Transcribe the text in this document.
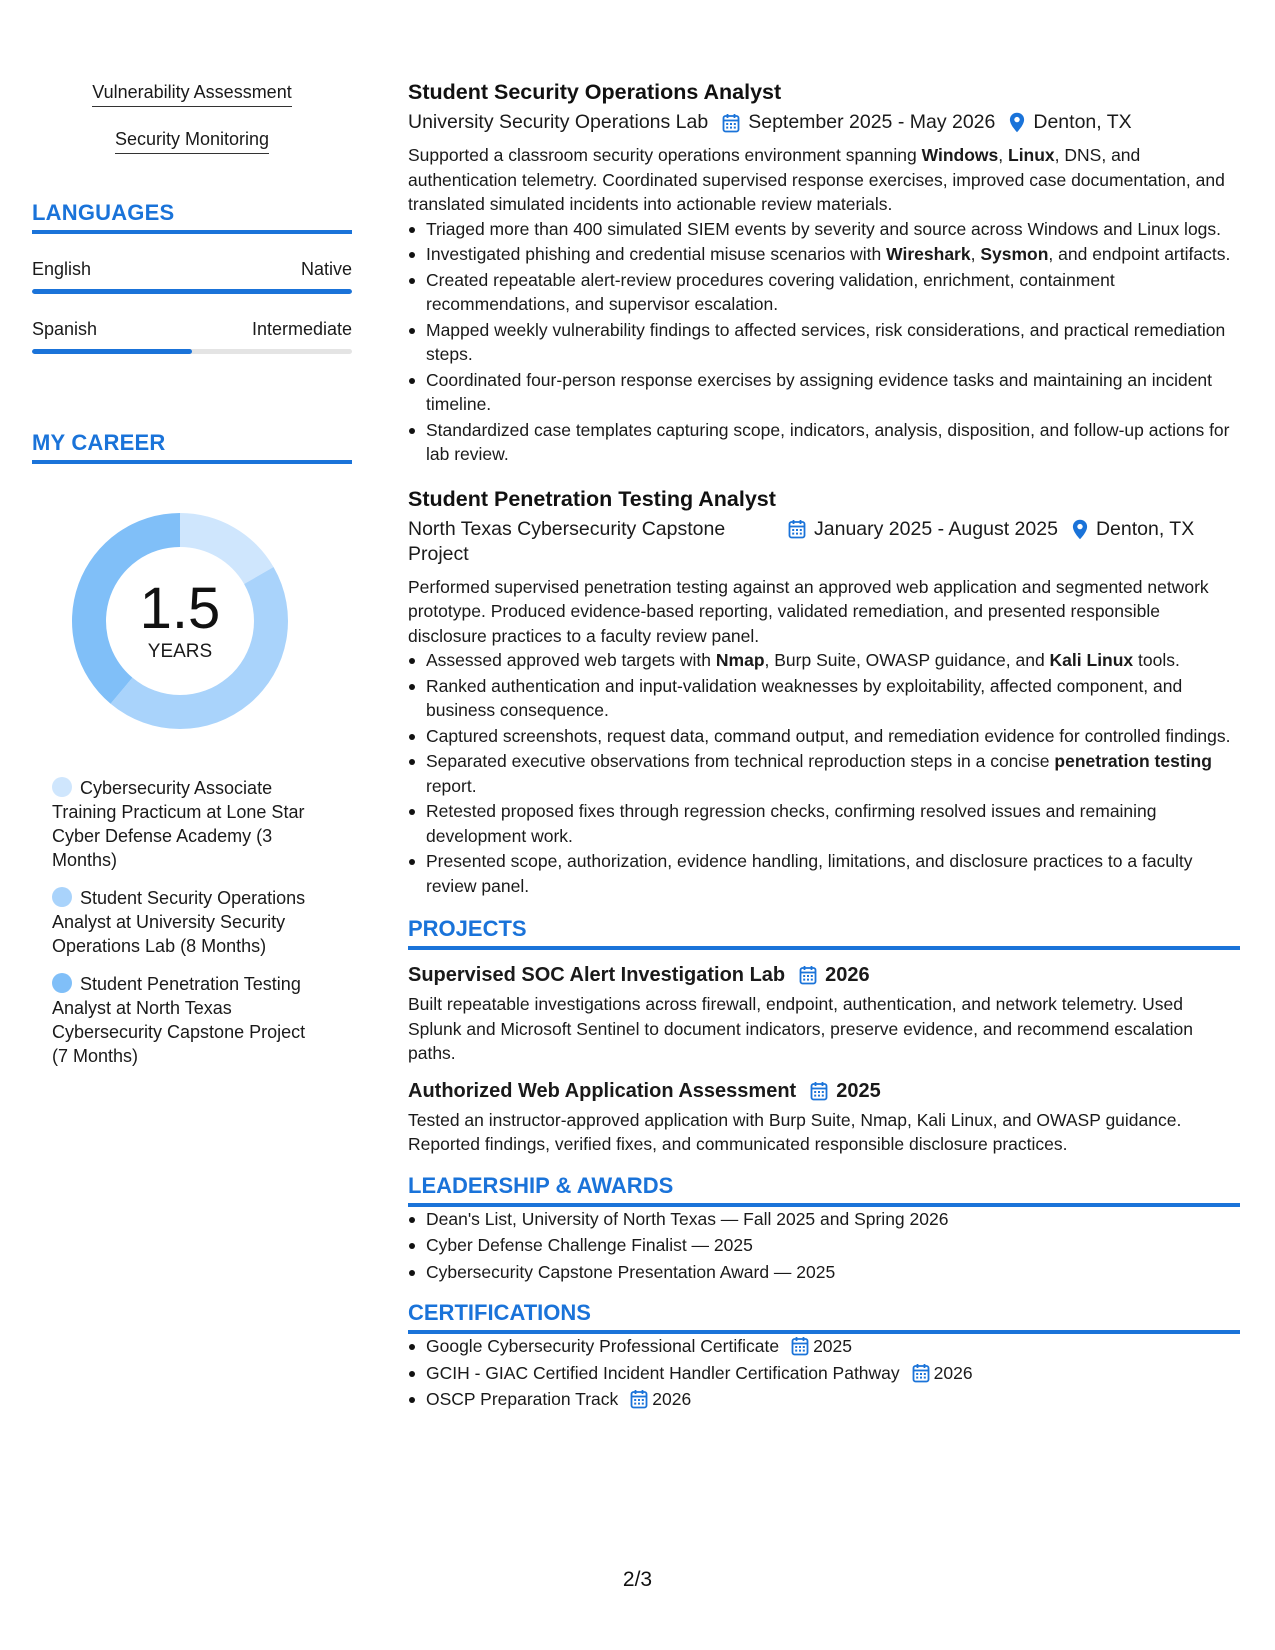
Vulnerability Assessment
Security Monitoring
LANGUAGES
English	Native
Spanish	Intermediate
MY CAREER
1.5
YEARS
Cybersecurity Associate Training Practicum at Lone Star Cyber Defense Academy (3 Months)
Student Security Operations Analyst at University Security Operations Lab (8 Months)
Student Penetration Testing Analyst at North Texas Cybersecurity Capstone Project (7 Months)
Student Security Operations Analyst
University Security Operations Lab September 2025 - May 2026 Denton, TX

Supported a classroom security operations environment spanning Windows, Linux, DNS, and authentication telemetry. Coordinated supervised response exercises, improved case documentation, and translated simulated incidents into actionable review materials.

Triaged more than 400 simulated SIEM events by severity and source across Windows and Linux logs.
Investigated phishing and credential misuse scenarios with Wireshark, Sysmon, and endpoint artifacts.
Created repeatable alert-review procedures covering validation, enrichment, containment recommendations, and supervisor escalation.
Mapped weekly vulnerability findings to affected services, risk considerations, and practical remediation steps.
Coordinated four-person response exercises by assigning evidence tasks and maintaining an incident timeline.
Standardized case templates capturing scope, indicators, analysis, disposition, and follow-up actions for lab review.
Student Penetration Testing Analyst
North Texas Cybersecurity Capstone Project
January 2025 - August 2025 Denton, TX

Performed supervised penetration testing against an approved web application and segmented network prototype. Produced evidence-based reporting, validated remediation, and presented responsible disclosure practices to a faculty review panel.

Assessed approved web targets with Nmap, Burp Suite, OWASP guidance, and Kali Linux tools.
Ranked authentication and input-validation weaknesses by exploitability, affected component, and business consequence.
Captured screenshots, request data, command output, and remediation evidence for controlled findings.
Separated executive observations from technical reproduction steps in a concise penetration testing report.
Retested proposed fixes through regression checks, confirming resolved issues and remaining development work.
Presented scope, authorization, evidence handling, limitations, and disclosure practices to a faculty review panel.
PROJECTS
Supervised SOC Alert Investigation Lab 2026

Built repeatable investigations across firewall, endpoint, authentication, and network telemetry. Used Splunk and Microsoft Sentinel to document indicators, preserve evidence, and recommend escalation paths.

Authorized Web Application Assessment 2025

Tested an instructor-approved application with Burp Suite, Nmap, Kali Linux, and OWASP guidance. Reported findings, verified fixes, and communicated responsible disclosure practices.

LEADERSHIP & AWARDS
Dean's List, University of North Texas — Fall 2025 and Spring 2026
Cyber Defense Challenge Finalist — 2025
Cybersecurity Capstone Presentation Award — 2025
CERTIFICATIONS
Google Cybersecurity Professional Certificate 2025
GCIH - GIAC Certified Incident Handler Certification Pathway 2026
OSCP Preparation Track 2026
2/3
